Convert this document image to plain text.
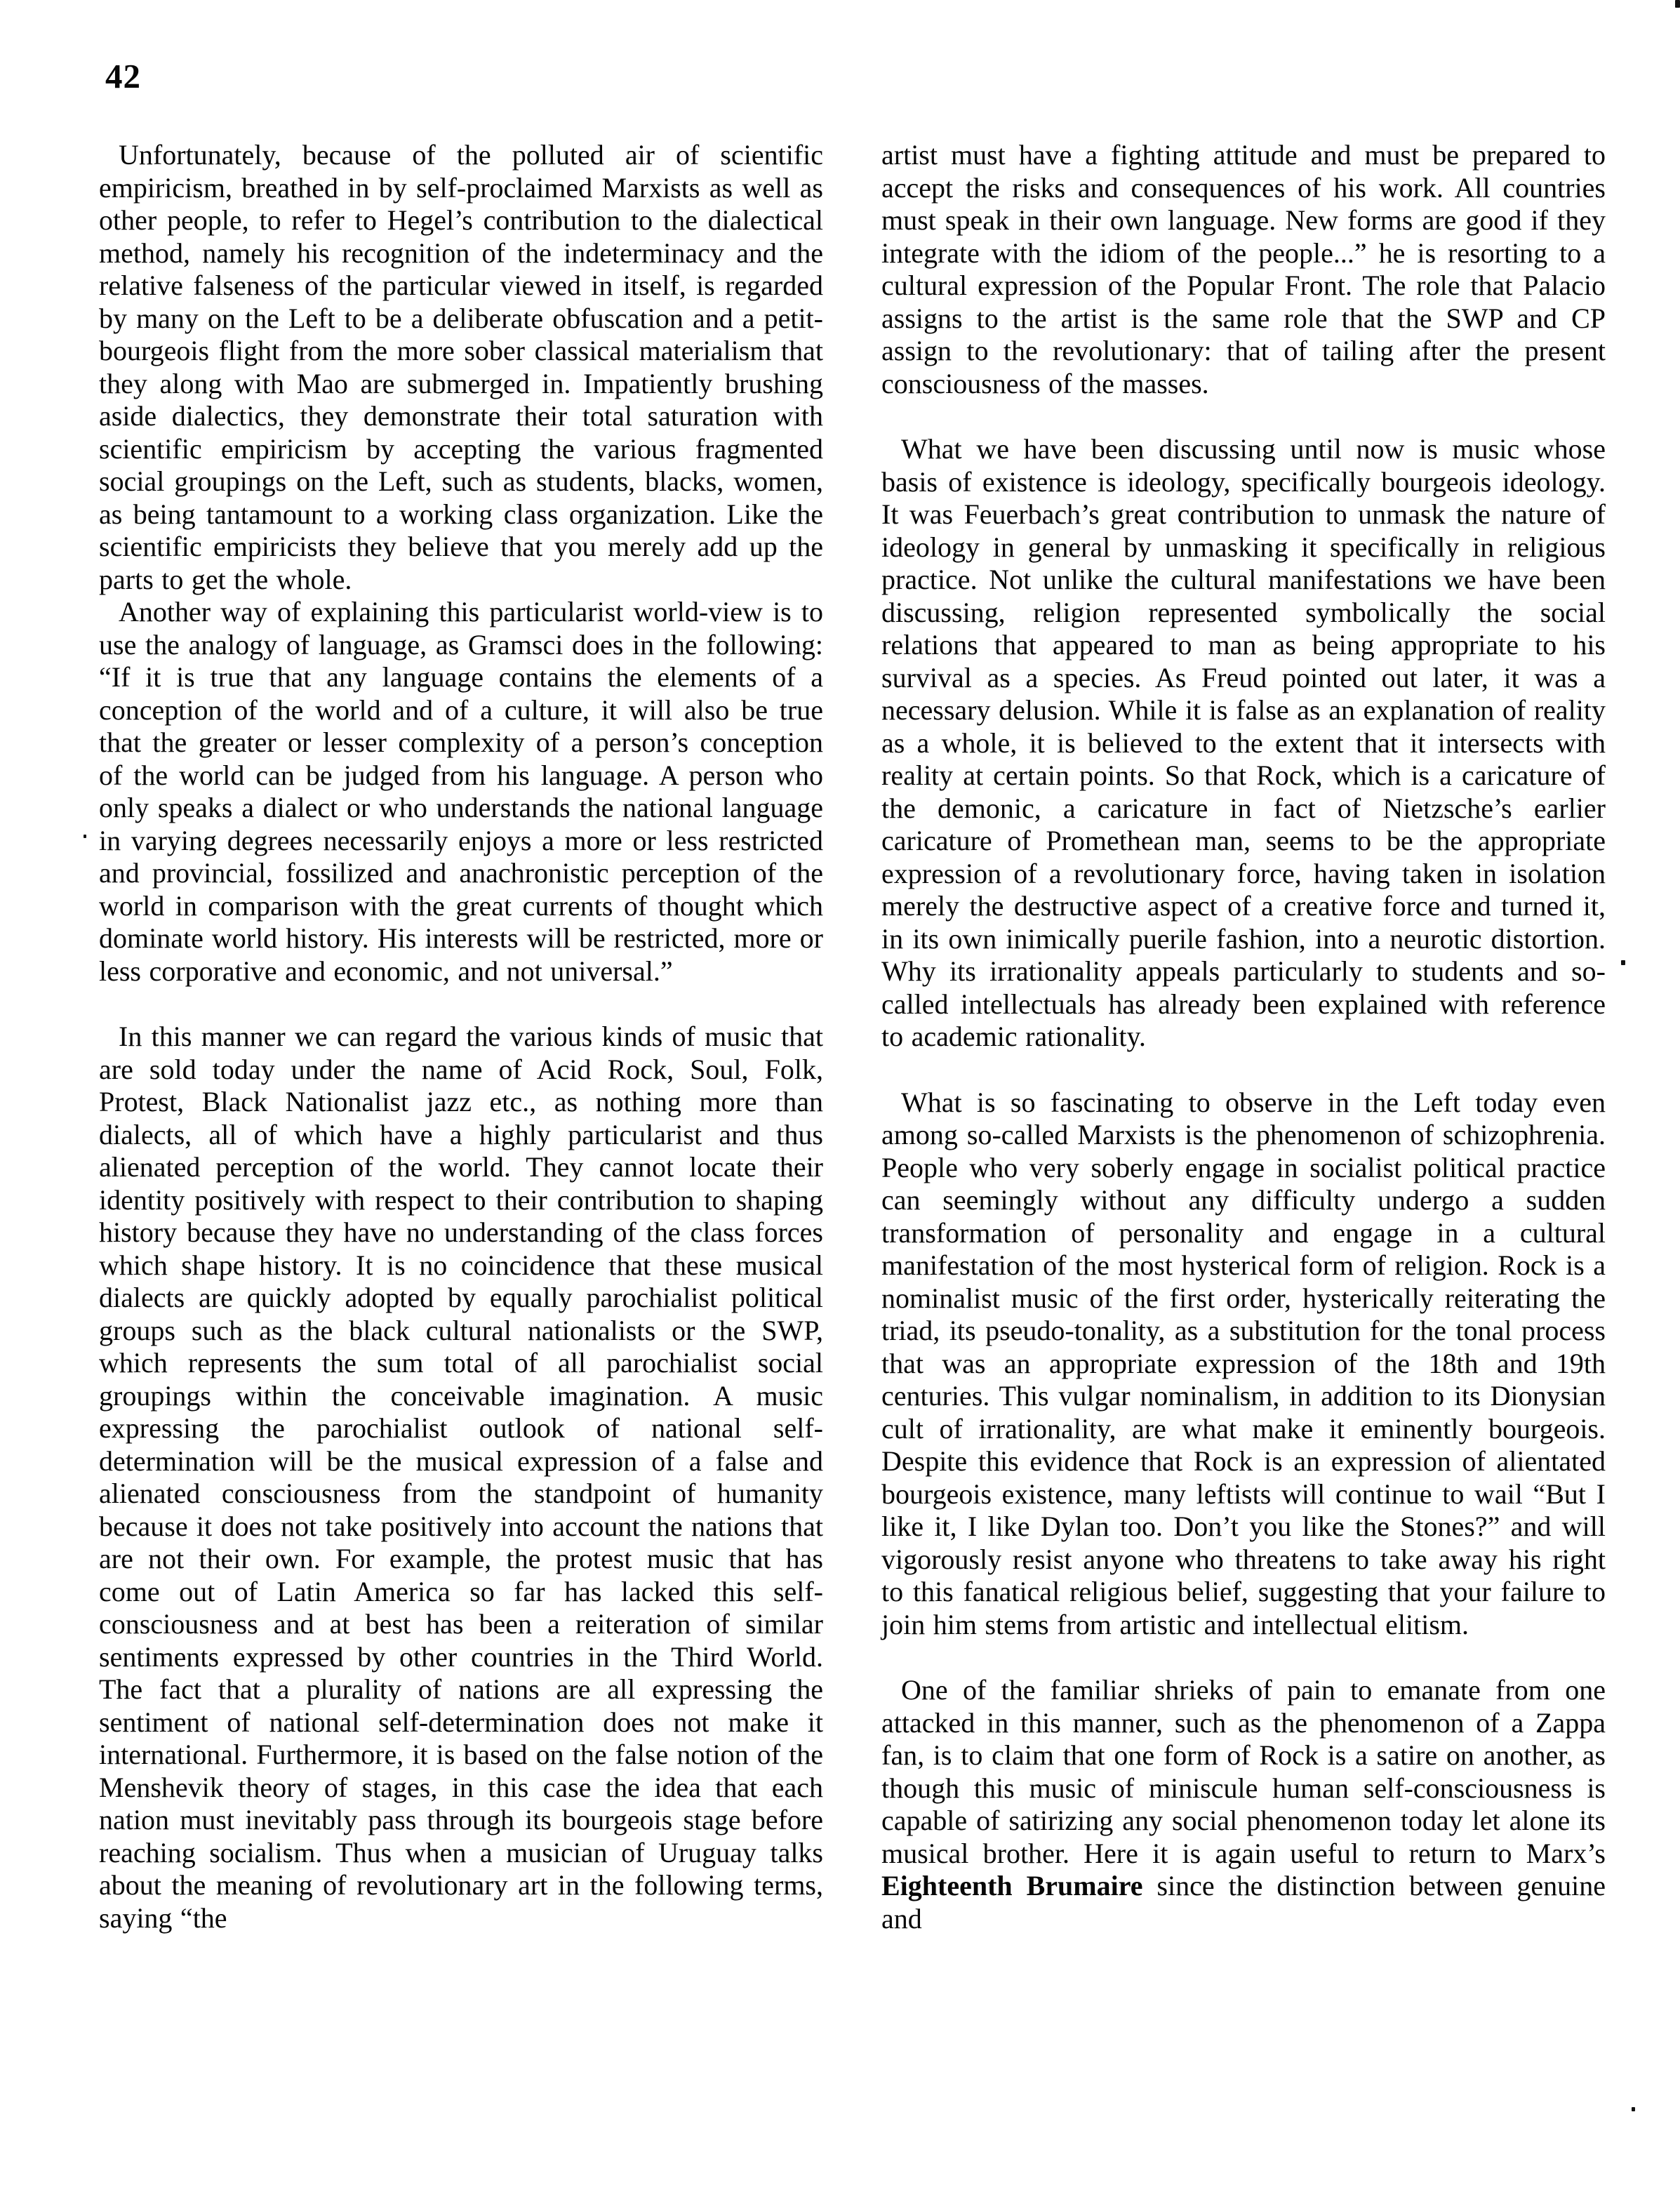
42

Unfortunately, because of the polluted air of scientific empiricism, breathed in by self-proclaimed Marxists as well as other people, to refer to Hegel’s contribution to the dialectical method, namely his recognition of the indeterminacy and the relative falseness of the particular viewed in itself, is regarded by many on the Left to be a deliberate obfuscation and a petit-bourgeois flight from the more sober classical materialism that they along with Mao are submerged in. Impatiently brushing aside dialectics, they demonstrate their total saturation with scientific empiricism by accepting the various fragmented social groupings on the Left, such as students, blacks, women, as being tantamount to a working class organization. Like the scientific empiricists they believe that you merely add up the parts to get the whole.

Another way of explaining this particularist world-view is to use the analogy of language, as Gramsci does in the following: “If it is true that any language contains the elements of a conception of the world and of a culture, it will also be true that the greater or lesser complexity of a person’s conception of the world can be judged from his language. A person who only speaks a dialect or who understands the national language in varying degrees necessarily enjoys a more or less restricted and provincial, fossilized and anachronistic perception of the world in comparison with the great currents of thought which dominate world history. His interests will be restricted, more or less corporative and economic, and not universal.”

In this manner we can regard the various kinds of music that are sold today under the name of Acid Rock, Soul, Folk, Protest, Black Nationalist jazz etc., as nothing more than dialects, all of which have a highly particularist and thus alienated perception of the world. They cannot locate their identity positively with respect to their contribution to shaping history because they have no understanding of the class forces which shape history. It is no coincidence that these musical dialects are quickly adopted by equally parochialist political groups such as the black cultural nationalists or the SWP, which represents the sum total of all parochialist social groupings within the conceivable imagination. A music expressing the parochialist outlook of national self-determination will be the musical expression of a false and alienated consciousness from the standpoint of humanity because it does not take positively into account the nations that are not their own. For example, the protest music that has come out of Latin America so far has lacked this self-consciousness and at best has been a reiteration of similar sentiments expressed by other countries in the Third World. The fact that a plurality of nations are all expressing the sentiment of national self-determination does not make it international. Furthermore, it is based on the false notion of the Menshevik theory of stages, in this case the idea that each nation must inevitably pass through its bourgeois stage before reaching socialism. Thus when a musician of Uruguay talks about the meaning of revolutionary art in the following terms, saying “the

artist must have a fighting attitude and must be prepared to accept the risks and consequences of his work. All countries must speak in their own language. New forms are good if they integrate with the idiom of the people...” he is resorting to a cultural expression of the Popular Front. The role that Palacio assigns to the artist is the same role that the SWP and CP assign to the revolutionary: that of tailing after the present consciousness of the masses.

What we have been discussing until now is music whose basis of existence is ideology, specifically bourgeois ideology. It was Feuerbach’s great contribution to unmask the nature of ideology in general by unmasking it specifically in religious practice. Not unlike the cultural manifestations we have been discussing, religion represented symbolically the social relations that appeared to man as being appropriate to his survival as a species. As Freud pointed out later, it was a necessary delusion. While it is false as an explanation of reality as a whole, it is believed to the extent that it intersects with reality at certain points. So that Rock, which is a caricature of the demonic, a caricature in fact of Nietzsche’s earlier caricature of Promethean man, seems to be the appropriate expression of a revolutionary force, having taken in isolation merely the destructive aspect of a creative force and turned it, in its own inimically puerile fashion, into a neurotic distortion. Why its irrationality appeals particularly to students and so-called intellectuals has already been explained with reference to academic rationality.

What is so fascinating to observe in the Left today even among so-called Marxists is the phenomenon of schizophrenia. People who very soberly engage in socialist political practice can seemingly without any difficulty undergo a sudden transformation of personality and engage in a cultural manifestation of the most hysterical form of religion. Rock is a nominalist music of the first order, hysterically reiterating the triad, its pseudo-tonality, as a substitution for the tonal process that was an appropriate expression of the 18th and 19th centuries. This vulgar nominalism, in addition to its Dionysian cult of irrationality, are what make it eminently bourgeois. Despite this evidence that Rock is an expression of alientated bourgeois existence, many leftists will continue to wail “But I like it, I like Dylan too. Don’t you like the Stones?” and will vigorously resist anyone who threatens to take away his right to this fanatical religious belief, suggesting that your failure to join him stems from artistic and intellectual elitism.

One of the familiar shrieks of pain to emanate from one attacked in this manner, such as the phenomenon of a Zappa fan, is to claim that one form of Rock is a satire on another, as though this music of miniscule human self-consciousness is capable of satirizing any social phenomenon today let alone its musical brother. Here it is again useful to return to Marx’s Eighteenth Brumaire since the distinction between genuine and
